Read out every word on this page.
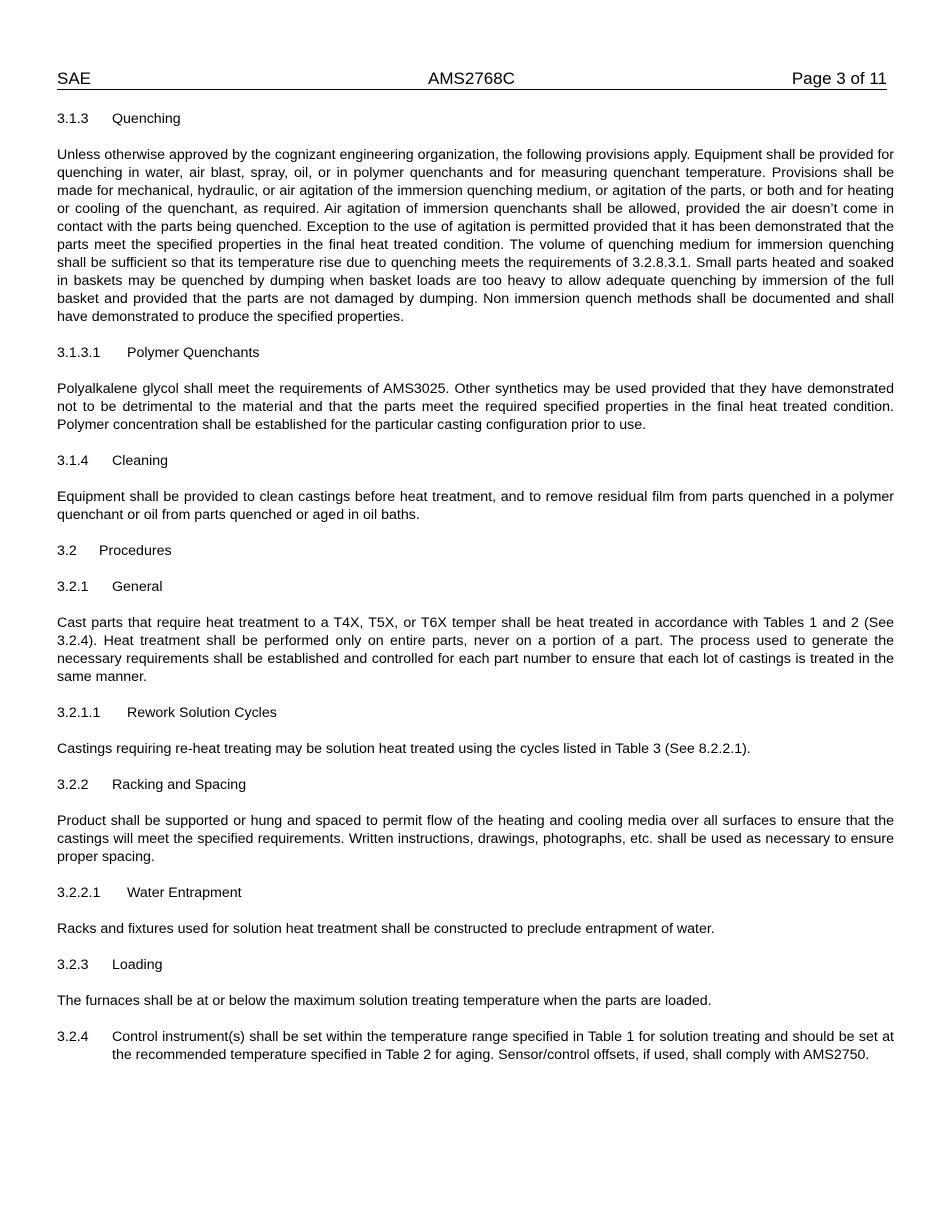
SAE	AMS2768C	Page 3 of 11
3.1.3 Quenching

Unless otherwise approved by the cognizant engineering organization, the following provisions apply. Equipment shall be provided for quenching in water, air blast, spray, oil, or in polymer quenchants and for measuring quenchant temperature. Provisions shall be made for mechanical, hydraulic, or air agitation of the immersion quenching medium, or agitation of the parts, or both and for heating or cooling of the quenchant, as required. Air agitation of immersion quenchants shall be allowed, provided the air doesn’t come in contact with the parts being quenched. Exception to the use of agitation is permitted provided that it has been demonstrated that the parts meet the specified properties in the final heat treated condition. The volume of quenching medium for immersion quenching shall be sufficient so that its temperature rise due to quenching meets the requirements of 3.2.8.3.1. Small parts heated and soaked in baskets may be quenched by dumping when basket loads are too heavy to allow adequate quenching by immersion of the full basket and provided that the parts are not damaged by dumping. Non immersion quench methods shall be documented and shall have demonstrated to produce the specified properties.

3.1.3.1 Polymer Quenchants

Polyalkalene glycol shall meet the requirements of AMS3025. Other synthetics may be used provided that they have demonstrated not to be detrimental to the material and that the parts meet the required specified properties in the final heat treated condition. Polymer concentration shall be established for the particular casting configuration prior to use.

3.1.4 Cleaning

Equipment shall be provided to clean castings before heat treatment, and to remove residual film from parts quenched in a polymer quenchant or oil from parts quenched or aged in oil baths.

3.2 Procedures
3.2.1 General

Cast parts that require heat treatment to a T4X, T5X, or T6X temper shall be heat treated in accordance with Tables 1 and 2 (See 3.2.4). Heat treatment shall be performed only on entire parts, never on a portion of a part. The process used to generate the necessary requirements shall be established and controlled for each part number to ensure that each lot of castings is treated in the same manner.

3.2.1.1 Rework Solution Cycles

Castings requiring re-heat treating may be solution heat treated using the cycles listed in Table 3 (See 8.2.2.1).

3.2.2 Racking and Spacing

Product shall be supported or hung and spaced to permit flow of the heating and cooling media over all surfaces to ensure that the castings will meet the specified requirements. Written instructions, drawings, photographs, etc. shall be used as necessary to ensure proper spacing.

3.2.2.1 Water Entrapment

Racks and fixtures used for solution heat treatment shall be constructed to preclude entrapment of water.

3.2.3 Loading

The furnaces shall be at or below the maximum solution treating temperature when the parts are loaded.

3.2.4	Control instrument(s) shall be set within the temperature range specified in Table 1 for solution treating and should be set at the recommended temperature specified in Table 2 for aging. Sensor/control offsets, if used, shall comply with AMS2750.
